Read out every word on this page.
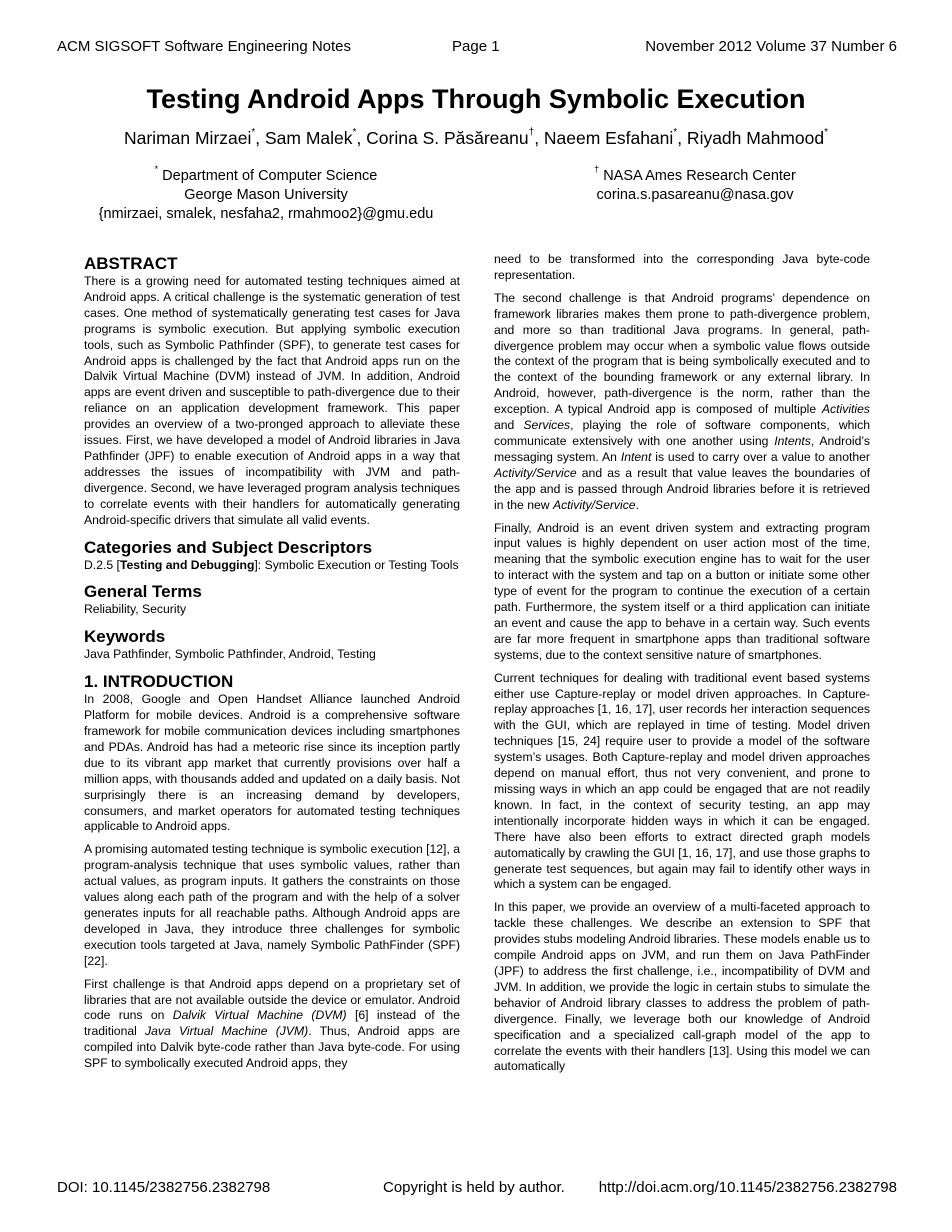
ACM SIGSOFT Software Engineering Notes	Page 1	November 2012 Volume 37 Number 6
Testing Android Apps Through Symbolic Execution
Nariman Mirzaei*, Sam Malek*, Corina S. Păsăreanu†, Naeem Esfahani*, Riyadh Mahmood*
* Department of Computer Science
George Mason University
{nmirzaei, smalek, nesfaha2, rmahmoo2}@gmu.edu
† NASA Ames Research Center
corina.s.pasareanu@nasa.gov
ABSTRACT

There is a growing need for automated testing techniques aimed at Android apps. A critical challenge is the systematic generation of test cases. One method of systematically generating test cases for Java programs is symbolic execution. But applying symbolic execution tools, such as Symbolic Pathfinder (SPF), to generate test cases for Android apps is challenged by the fact that Android apps run on the Dalvik Virtual Machine (DVM) instead of JVM. In addition, Android apps are event driven and susceptible to path-divergence due to their reliance on an application development framework. This paper provides an overview of a two-pronged approach to alleviate these issues. First, we have developed a model of Android libraries in Java Pathfinder (JPF) to enable execution of Android apps in a way that addresses the issues of incompatibility with JVM and path-divergence. Second, we have leveraged program analysis techniques to correlate events with their handlers for automatically generating Android-specific drivers that simulate all valid events.

Categories and Subject Descriptors

D.2.5 [Testing and Debugging]: Symbolic Execution or Testing Tools

General Terms

Reliability, Security

Keywords

Java Pathfinder, Symbolic Pathfinder, Android, Testing

1. INTRODUCTION

In 2008, Google and Open Handset Alliance launched Android Platform for mobile devices. Android is a comprehensive software framework for mobile communication devices including smartphones and PDAs. Android has had a meteoric rise since its inception partly due to its vibrant app market that currently provisions over half a million apps, with thousands added and updated on a daily basis. Not surprisingly there is an increasing demand by developers, consumers, and market operators for automated testing techniques applicable to Android apps.

A promising automated testing technique is symbolic execution [12], a program-analysis technique that uses symbolic values, rather than actual values, as program inputs. It gathers the constraints on those values along each path of the program and with the help of a solver generates inputs for all reachable paths. Although Android apps are developed in Java, they introduce three challenges for symbolic execution tools targeted at Java, namely Symbolic PathFinder (SPF) [22].

First challenge is that Android apps depend on a proprietary set of libraries that are not available outside the device or emulator. Android code runs on Dalvik Virtual Machine (DVM) [6] instead of the traditional Java Virtual Machine (JVM). Thus, Android apps are compiled into Dalvik byte-code rather than Java byte-code. For using SPF to symbolically executed Android apps, they

need to be transformed into the corresponding Java byte-code representation.

The second challenge is that Android programs’ dependence on framework libraries makes them prone to path-divergence problem, and more so than traditional Java programs. In general, path-divergence problem may occur when a symbolic value flows outside the context of the program that is being symbolically executed and to the context of the bounding framework or any external library. In Android, however, path-divergence is the norm, rather than the exception. A typical Android app is composed of multiple Activities and Services, playing the role of software components, which communicate extensively with one another using Intents, Android’s messaging system. An Intent is used to carry over a value to another Activity/Service and as a result that value leaves the boundaries of the app and is passed through Android libraries before it is retrieved in the new Activity/Service.

Finally, Android is an event driven system and extracting program input values is highly dependent on user action most of the time, meaning that the symbolic execution engine has to wait for the user to interact with the system and tap on a button or initiate some other type of event for the program to continue the execution of a certain path. Furthermore, the system itself or a third application can initiate an event and cause the app to behave in a certain way. Such events are far more frequent in smartphone apps than traditional software systems, due to the context sensitive nature of smartphones.

Current techniques for dealing with traditional event based systems either use Capture-replay or model driven approaches. In Capture-replay approaches [1, 16, 17], user records her interaction sequences with the GUI, which are replayed in time of testing. Model driven techniques [15, 24] require user to provide a model of the software system’s usages. Both Capture-replay and model driven approaches depend on manual effort, thus not very convenient, and prone to missing ways in which an app could be engaged that are not readily known. In fact, in the context of security testing, an app may intentionally incorporate hidden ways in which it can be engaged. There have also been efforts to extract directed graph models automatically by crawling the GUI [1, 16, 17], and use those graphs to generate test sequences, but again may fail to identify other ways in which a system can be engaged.

In this paper, we provide an overview of a multi-faceted approach to tackle these challenges. We describe an extension to SPF that provides stubs modeling Android libraries. These models enable us to compile Android apps on JVM, and run them on Java PathFinder (JPF) to address the first challenge, i.e., incompatibility of DVM and JVM. In addition, we provide the logic in certain stubs to simulate the behavior of Android library classes to address the problem of path-divergence. Finally, we leverage both our knowledge of Android specification and a specialized call-graph model of the app to correlate the events with their handlers [13]. Using this model we can automatically

DOI: 10.1145/2382756.2382798	Copyright is held by author. http://doi.acm.org/10.1145/2382756.2382798
